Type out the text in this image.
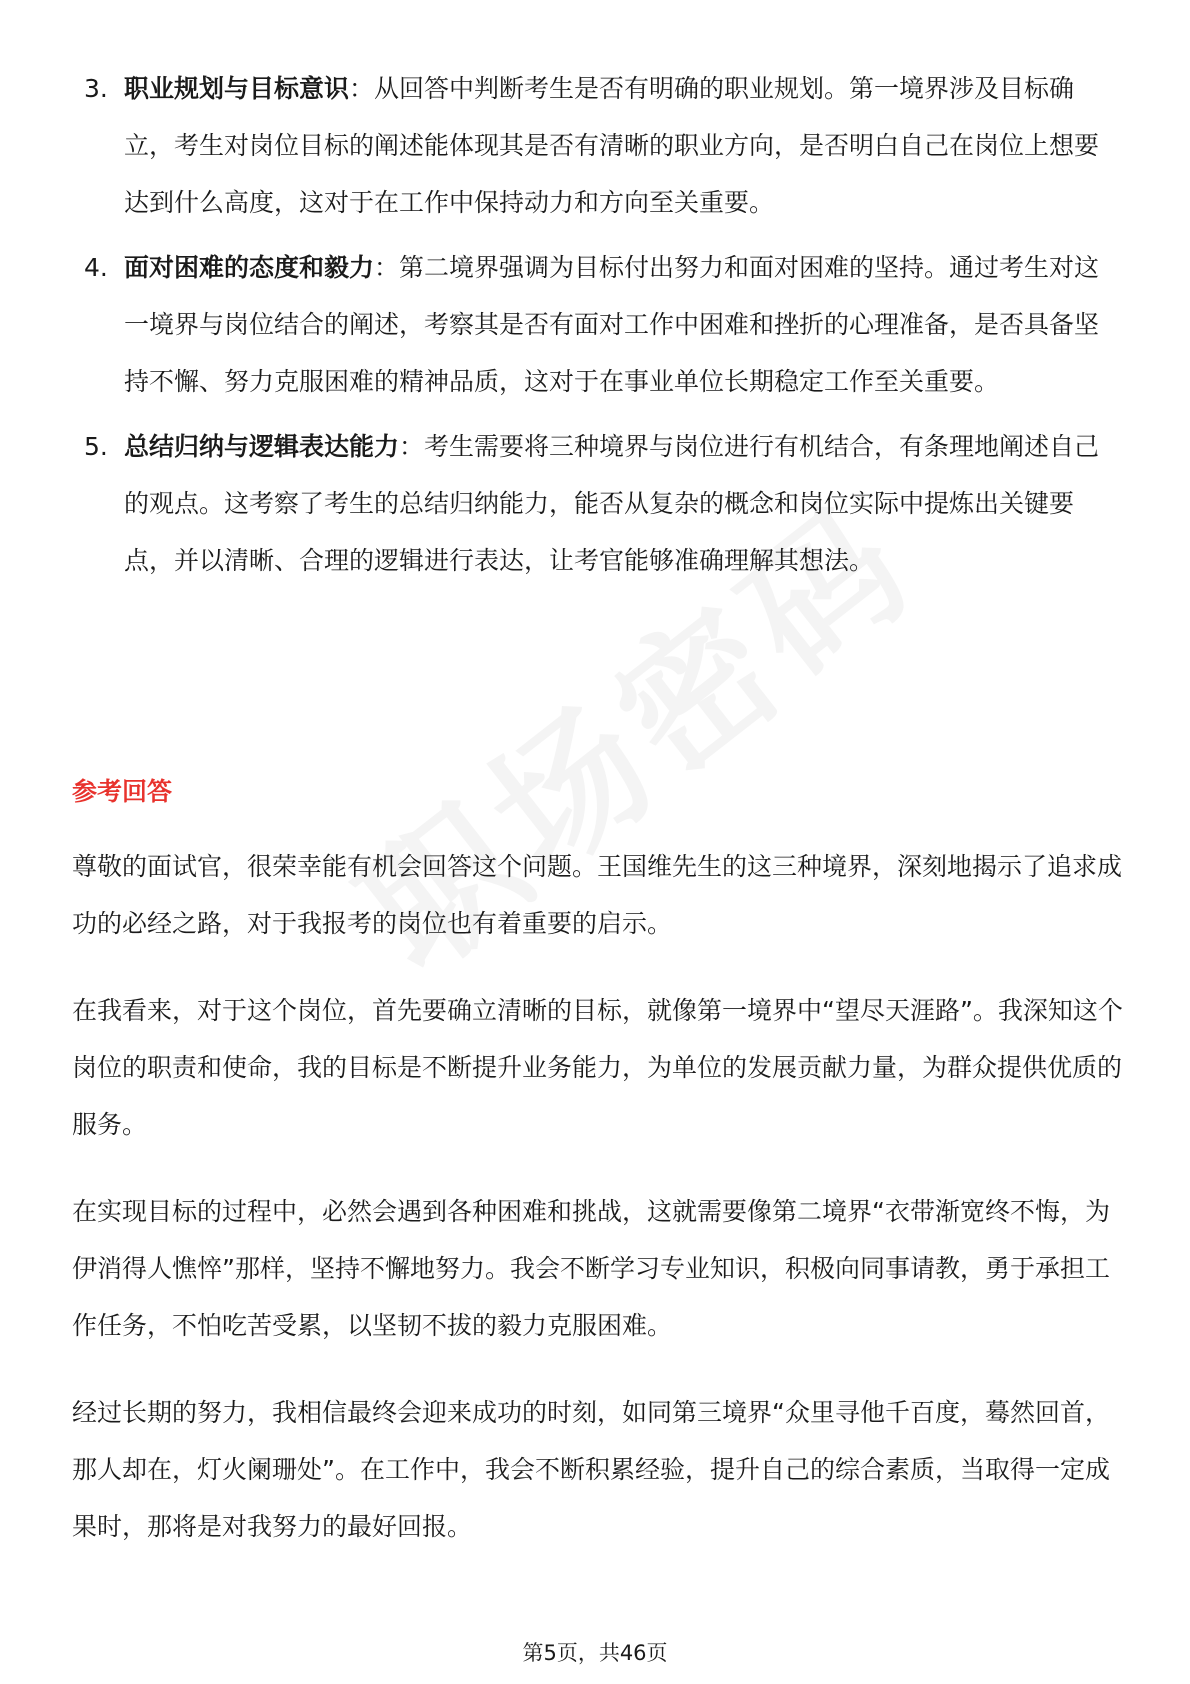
3. 职业规划与目标意识：从回答中判断考生是否有明确的职业规划。第一境界涉及目标确立，考生对岗位目标的阐述能体现其是否有清晰的职业方向，是否明白自己在岗位上想要达到什么高度，这对于在工作中保持动力和方向至关重要。

4. 面对困难的态度和毅力：第二境界强调为目标付出努力和面对困难的坚持。通过考生对这一境界与岗位结合的阐述，考察其是否有面对工作中困难和挫折的心理准备，是否具备坚持不懈、努力克服困难的精神品质，这对于在事业单位长期稳定工作至关重要。

5. 总结归纳与逻辑表达能力：考生需要将三种境界与岗位进行有机结合，有条理地阐述自己的观点。这考察了考生的总结归纳能力，能否从复杂的概念和岗位实际中提炼出关键要点，并以清晰、合理的逻辑进行表达，让考官能够准确理解其想法。

参考回答

尊敬的面试官，很荣幸能有机会回答这个问题。王国维先生的这三种境界，深刻地揭示了追求成功的必经之路，对于我报考的岗位也有着重要的启示。

在我看来，对于这个岗位，首先要确立清晰的目标，就像第一境界中“望尽天涯路”。我深知这个岗位的职责和使命，我的目标是不断提升业务能力，为单位的发展贡献力量，为群众提供优质的服务。

在实现目标的过程中，必然会遇到各种困难和挑战，这就需要像第二境界“衣带渐宽终不悔，为伊消得人憔悴”那样，坚持不懈地努力。我会不断学习专业知识，积极向同事请教，勇于承担工作任务，不怕吃苦受累，以坚韧不拔的毅力克服困难。

经过长期的努力，我相信最终会迎来成功的时刻，如同第三境界“众里寻他千百度，蓦然回首，那人却在，灯火阑珊处”。在工作中，我会不断积累经验，提升自己的综合素质，当取得一定成果时，那将是对我努力的最好回报。

第5页，共46页
